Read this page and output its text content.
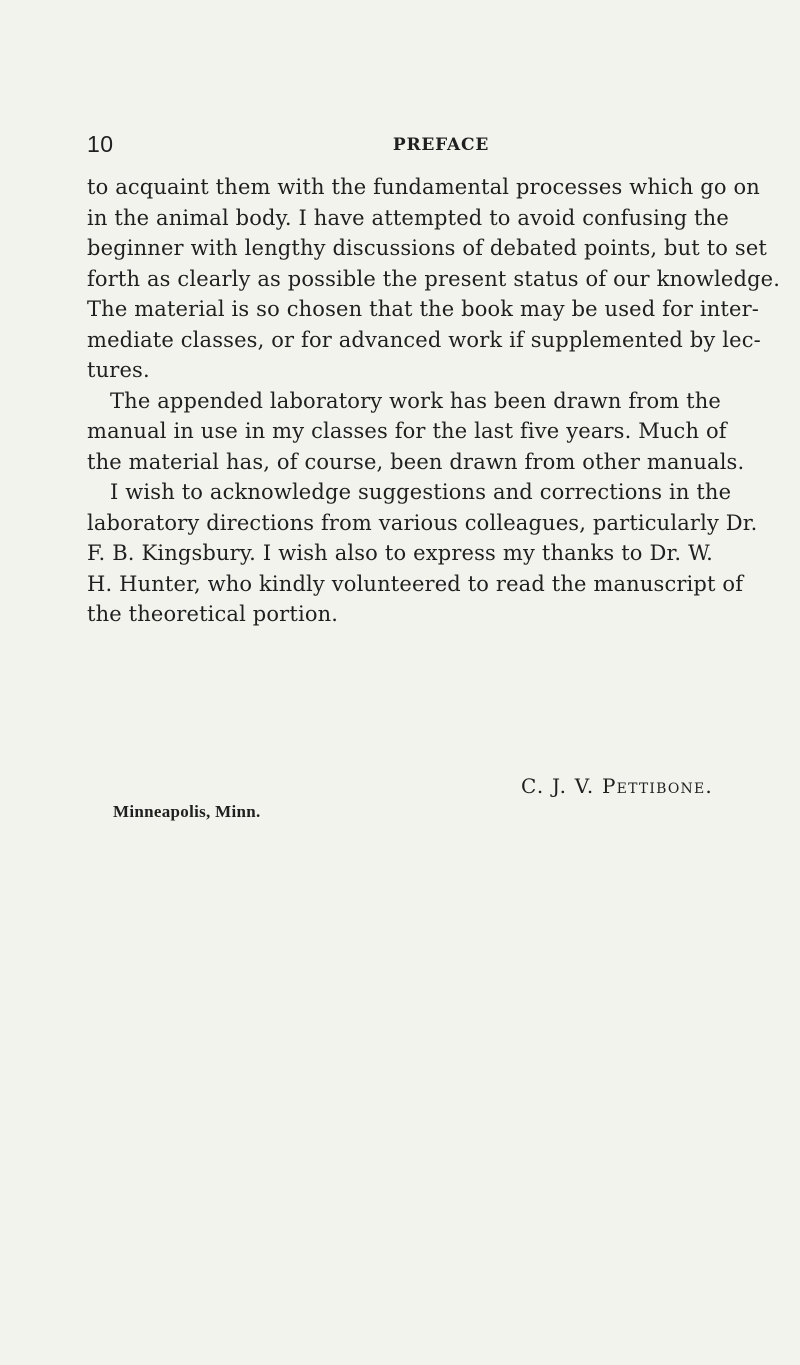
10	PREFACE

to acquaint them with the fundamental processes which go on
in the animal body. I have attempted to avoid confusing the
beginner with lengthy discussions of debated points, but to set
forth as clearly as possible the present status of our knowledge.
The material is so chosen that the book may be used for inter-
mediate classes, or for advanced work if supplemented by lec-
tures.

The appended laboratory work has been drawn from the
manual in use in my classes for the last five years. Much of
the material has, of course, been drawn from other manuals.

I wish to acknowledge suggestions and corrections in the
laboratory directions from various colleagues, particularly Dr.
F. B. Kingsbury. I wish also to express my thanks to Dr. W.
H. Hunter, who kindly volunteered to read the manuscript of
the theoretical portion.

C. J. V. Pettibone.
Minneapolis, Minn.
